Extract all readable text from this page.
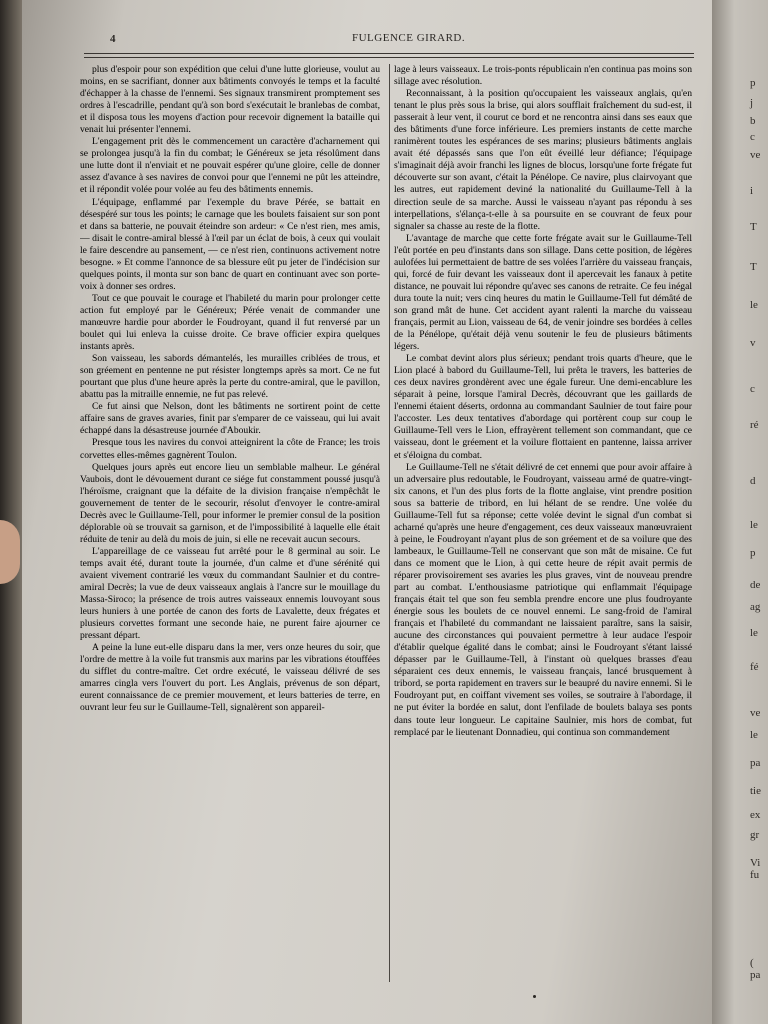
4	FULGENCE GIRARD.

plus d'espoir pour son expédition que celui d'une lutte glorieuse, voulut au moins, en se sacrifiant, donner aux bâtiments convoyés le temps et la faculté d'échapper à la chasse de l'ennemi. Ses signaux transmirent promptement ses ordres à l'escadrille, pendant qu'à son bord s'exécutait le branlebas de combat, et il disposa tous les moyens d'action pour recevoir dignement la bataille qui venait lui présenter l'ennemi.

L'engagement prit dès le commencement un caractère d'acharnement qui se prolongea jusqu'à la fin du combat; le Généreux se jeta résolûment dans une lutte dont il n'enviait et ne pouvait espérer qu'une gloire, celle de donner assez d'avance à ses navires de convoi pour que l'ennemi ne pût les atteindre, et il répondit volée pour volée au feu des bâtiments ennemis.

L'équipage, enflammé par l'exemple du brave Pérée, se battait en désespéré sur tous les points; le carnage que les boulets faisaient sur son pont et dans sa batterie, ne pouvait éteindre son ardeur: « Ce n'est rien, mes amis, — disait le contre-amiral blessé à l'œil par un éclat de bois, à ceux qui voulait le faire descendre au pansement, — ce n'est rien, continuons activement notre besogne. » Et comme l'annonce de sa blessure eût pu jeter de l'indécision sur quelques points, il monta sur son banc de quart en continuant avec son porte-voix à donner ses ordres.

Tout ce que pouvait le courage et l'habileté du marin pour prolonger cette action fut employé par le Généreux; Pérée venait de commander une manœuvre hardie pour aborder le Foudroyant, quand il fut renversé par un boulet qui lui enleva la cuisse droite. Ce brave officier expira quelques instants après.

Son vaisseau, les sabords démantelés, les murailles criblées de trous, et son gréement en pentenne ne put résister longtemps après sa mort. Ce ne fut pourtant que plus d'une heure après la perte du contre-amiral, que le pavillon, abattu pas la mitraille ennemie, ne fut pas relevé.

Ce fut ainsi que Nelson, dont les bâtiments ne sortirent point de cette affaire sans de graves avaries, finit par s'emparer de ce vaisseau, qui lui avait échappé dans la désastreuse journée d'Aboukir.

Presque tous les navires du convoi atteignirent la côte de France; les trois corvettes elles-mêmes gagnèrent Toulon.

Quelques jours après eut encore lieu un semblable malheur. Le général Vaubois, dont le dévouement durant ce siége fut constamment poussé jusqu'à l'héroïsme, craignant que la défaite de la division française n'empêchât le gouvernement de tenter de le secourir, résolut d'envoyer le contre-amiral Decrès avec le Guillaume-Tell, pour informer le premier consul de la position déplorable où se trouvait sa garnison, et de l'impossibilité à laquelle elle était réduite de tenir au delà du mois de juin, si elle ne recevait aucun secours.

L'appareillage de ce vaisseau fut arrêté pour le 8 germinal au soir. Le temps avait été, durant toute la journée, d'un calme et d'une sérénité qui avaient vivement contrarié les vœux du commandant Saulnier et du contre-amiral Decrès; la vue de deux vaisseaux anglais à l'ancre sur le mouillage du Massa-Siroco; la présence de trois autres vaisseaux ennemis louvoyant sous leurs huniers à une portée de canon des forts de Lavalette, deux frégates et plusieurs corvettes formant une seconde haie, ne purent faire ajourner ce pressant départ.

A peine la lune eut-elle disparu dans la mer, vers onze heures du soir, que l'ordre de mettre à la voile fut transmis aux marins par les vibrations étouffées du sifflet du contre-maître. Cet ordre exécuté, le vaisseau délivré de ses amarres cingla vers l'ouvert du port. Les Anglais, prévenus de son départ, eurent connaissance de ce premier mouvement, et leurs batteries de terre, en ouvrant leur feu sur le Guillaume-Tell, signalèrent son appareil-

lage à leurs vaisseaux. Le trois-ponts républicain n'en continua pas moins son sillage avec résolution.

Reconnaissant, à la position qu'occupaient les vaisseaux anglais, qu'en tenant le plus près sous la brise, qui alors soufflait fraîchement du sud-est, il passerait à leur vent, il courut ce bord et ne rencontra ainsi dans ses eaux que des bâtiments d'une force inférieure. Les premiers instants de cette marche ranimèrent toutes les espérances de ses marins; plusieurs bâtiments anglais avait été dépassés sans que l'on eût éveillé leur défiance; l'équipage s'imaginait déjà avoir franchi les lignes de blocus, lorsqu'une forte frégate fut découverte sur son avant, c'était la Pénélope. Ce navire, plus clairvoyant que les autres, eut rapidement deviné la nationalité du Guillaume-Tell à la direction seule de sa marche. Aussi le vaisseau n'ayant pas répondu à ses interpellations, s'élança-t-elle à sa poursuite en se couvrant de feux pour signaler sa chasse au reste de la flotte.

L'avantage de marche que cette forte frégate avait sur le Guillaume-Tell l'eût portée en peu d'instants dans son sillage. Dans cette position, de légères aulofées lui permettaient de battre de ses volées l'arrière du vaisseau français, qui, forcé de fuir devant les vaisseaux dont il apercevait les fanaux à petite distance, ne pouvait lui répondre qu'avec ses canons de retraite. Ce feu inégal dura toute la nuit; vers cinq heures du matin le Guillaume-Tell fut démâté de son grand mât de hune. Cet accident ayant ralenti la marche du vaisseau français, permit au Lion, vaisseau de 64, de venir joindre ses bordées à celles de la Pénélope, qu'était déjà venu soutenir le feu de plusieurs bâtiments légers.

Le combat devint alors plus sérieux; pendant trois quarts d'heure, que le Lion placé à babord du Guillaume-Tell, lui prêta le travers, les batteries de ces deux navires grondèrent avec une égale fureur. Une demi-encablure les séparait à peine, lorsque l'amiral Decrès, découvrant que les gaillards de l'ennemi étaient déserts, ordonna au commandant Saulnier de tout faire pour l'accoster. Les deux tentatives d'abordage qui portèrent coup sur coup le Guillaume-Tell vers le Lion, effrayèrent tellement son commandant, que ce vaisseau, dont le gréement et la voilure flottaient en pantenne, laissa arriver et s'éloigna du combat.

Le Guillaume-Tell ne s'était délivré de cet ennemi que pour avoir affaire à un adversaire plus redoutable, le Foudroyant, vaisseau armé de quatre-vingt-six canons, et l'un des plus forts de la flotte anglaise, vint prendre position sous sa batterie de tribord, en lui hélant de se rendre. Une volée du Guillaume-Tell fut sa réponse; cette volée devint le signal d'un combat si acharné qu'après une heure d'engagement, ces deux vaisseaux manœuvraient à peine, le Foudroyant n'ayant plus de son gréement et de sa voilure que des lambeaux, le Guillaume-Tell ne conservant que son mât de misaine. Ce fut dans ce moment que le Lion, à qui cette heure de répit avait permis de réparer provisoirement ses avaries les plus graves, vint de nouveau prendre part au combat. L'enthousiasme patriotique qui enflammait l'équipage français était tel que son feu sembla prendre encore une plus foudroyante énergie sous les boulets de ce nouvel ennemi. Le sang-froid de l'amiral français et l'habileté du commandant ne laissaient paraître, sans la saisir, aucune des circonstances qui pouvaient permettre à leur audace l'espoir d'établir quelque égalité dans le combat; ainsi le Foudroyant s'étant laissé dépasser par le Guillaume-Tell, à l'instant où quelques brasses d'eau séparaient ces deux ennemis, le vaisseau français, lancé brusquement à tribord, se porta rapidement en travers sur le beaupré du navire ennemi. Si le Foudroyant put, en coiffant vivement ses voiles, se soutraire à l'abordage, il ne put éviter la bordée en salut, dont l'enfilade de boulets balaya ses ponts dans toute leur longueur. Le capitaine Saulnier, mis hors de combat, fut remplacé par le lieutenant Donnadieu, qui continua son commandement

p
j
b
c
ve
i
T
T
le
v
c
ré
d
le
p
de
ag
le
fé
ve
le
pa
tie
ex
gr
Vi
fu
(
pa
